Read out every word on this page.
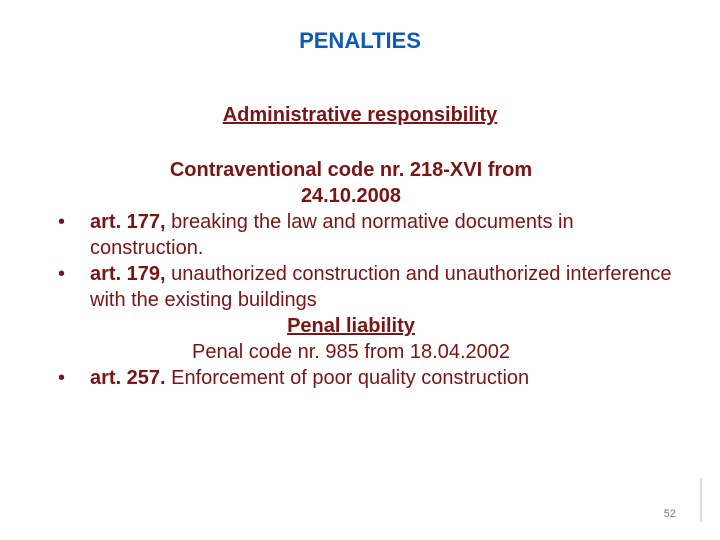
PENALTIES
Administrative responsibility
Contraventional code nr. 218-XVI from
24.10.2008
• art. 177, breaking the law and normative documents in construction.
• art. 179, unauthorized construction and unauthorized interference with the existing buildings
Penal liability
Penal code nr. 985 from 18.04.2002
• art. 257. Enforcement of poor quality construction
52
